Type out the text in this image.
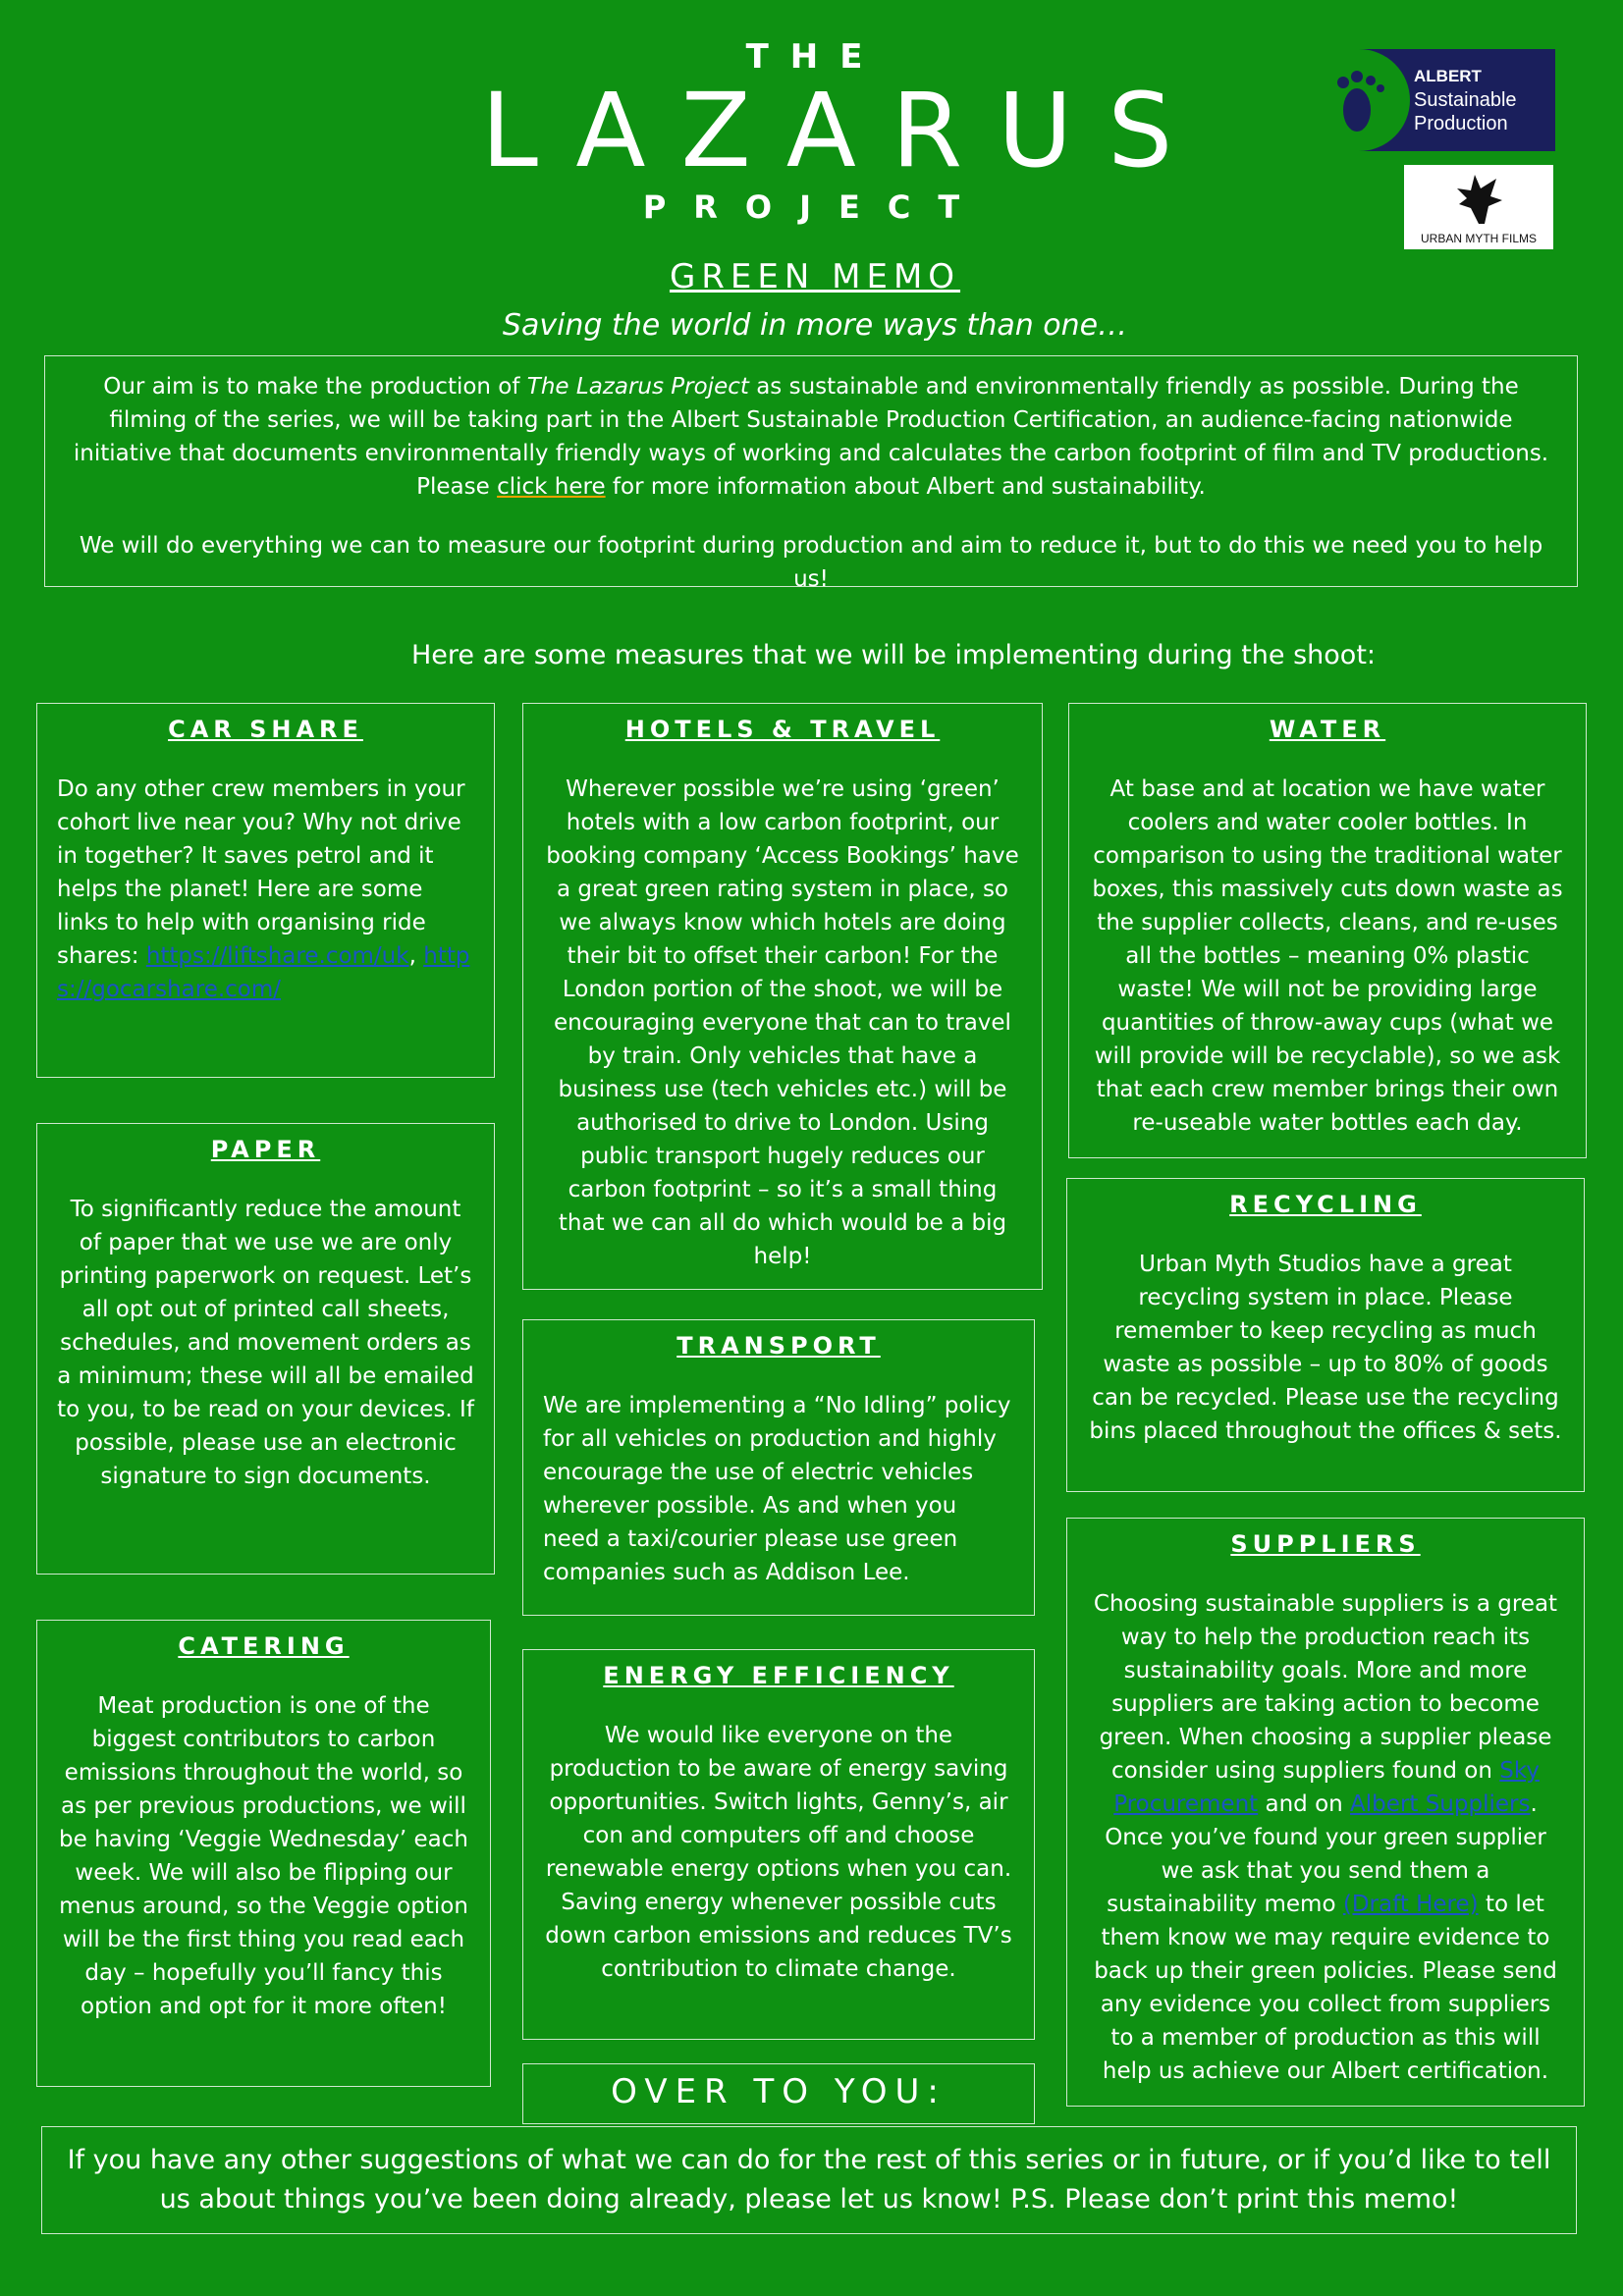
THE
LAZARUS
PROJECT
ALBERT
Sustainable
Production
URBAN MYTH FILMS
GREEN MEMO
Saving the world in more ways than one…

Our aim is to make the production of The Lazarus Project as sustainable and environmentally friendly as possible. During the filming of the series, we will be taking part in the Albert Sustainable Production Certification, an audience-facing nationwide initiative that documents environmentally friendly ways of working and calculates the carbon footprint of film and TV productions. Please click here for more information about Albert and sustainability.

We will do everything we can to measure our footprint during production and aim to reduce it, but to do this we need you to help us!

Here are some measures that we will be implementing during the shoot:
CAR SHARE
Do any other crew members in your cohort live near you? Why not drive in together? It saves petrol and it helps the planet! Here are some links to help with organising ride shares: https://liftshare.com/uk, https://gocarshare.com/
PAPER
To significantly reduce the amount of paper that we use we are only printing paperwork on request. Let’s all opt out of printed call sheets, schedules, and movement orders as a minimum; these will all be emailed to you, to be read on your devices. If possible, please use an electronic signature to sign documents.
CATERING
Meat production is one of the biggest contributors to carbon emissions throughout the world, so as per previous productions, we will be having ‘Veggie Wednesday’ each week. We will also be flipping our menus around, so the Veggie option will be the first thing you read each day – hopefully you’ll fancy this option and opt for it more often!
HOTELS & TRAVEL
Wherever possible we’re using ‘green’ hotels with a low carbon footprint, our booking company ‘Access Bookings’ have a great green rating system in place, so we always know which hotels are doing their bit to offset their carbon! For the London portion of the shoot, we will be encouraging everyone that can to travel by train. Only vehicles that have a business use (tech vehicles etc.) will be authorised to drive to London. Using public transport hugely reduces our carbon footprint – so it’s a small thing that we can all do which would be a big help!
TRANSPORT
We are implementing a “No Idling” policy for all vehicles on production and highly encourage the use of electric vehicles wherever possible. As and when you need a taxi/courier please use green companies such as Addison Lee.
ENERGY EFFICIENCY
We would like everyone on the production to be aware of energy saving opportunities. Switch lights, Genny’s, air con and computers off and choose renewable energy options when you can. Saving energy whenever possible cuts down carbon emissions and reduces TV’s contribution to climate change.
OVER TO YOU:
WATER
At base and at location we have water coolers and water cooler bottles. In comparison to using the traditional water boxes, this massively cuts down waste as the supplier collects, cleans, and re-uses all the bottles – meaning 0% plastic waste! We will not be providing large quantities of throw-away cups (what we will provide will be recyclable), so we ask that each crew member brings their own re-useable water bottles each day.
RECYCLING
Urban Myth Studios have a great recycling system in place. Please remember to keep recycling as much waste as possible – up to 80% of goods can be recycled. Please use the recycling bins placed throughout the offices & sets.
SUPPLIERS
Choosing sustainable suppliers is a great way to help the production reach its sustainability goals. More and more suppliers are taking action to become green. When choosing a supplier please consider using suppliers found on Sky Procurement and on Albert Suppliers. Once you’ve found your green supplier we ask that you send them a sustainability memo (Draft Here) to let them know we may require evidence to back up their green policies. Please send any evidence you collect from suppliers to a member of production as this will help us achieve our Albert certification.
If you have any other suggestions of what we can do for the rest of this series or in future, or if you’d like to tell us about things you’ve been doing already, please let us know! P.S. Please don’t print this memo!
